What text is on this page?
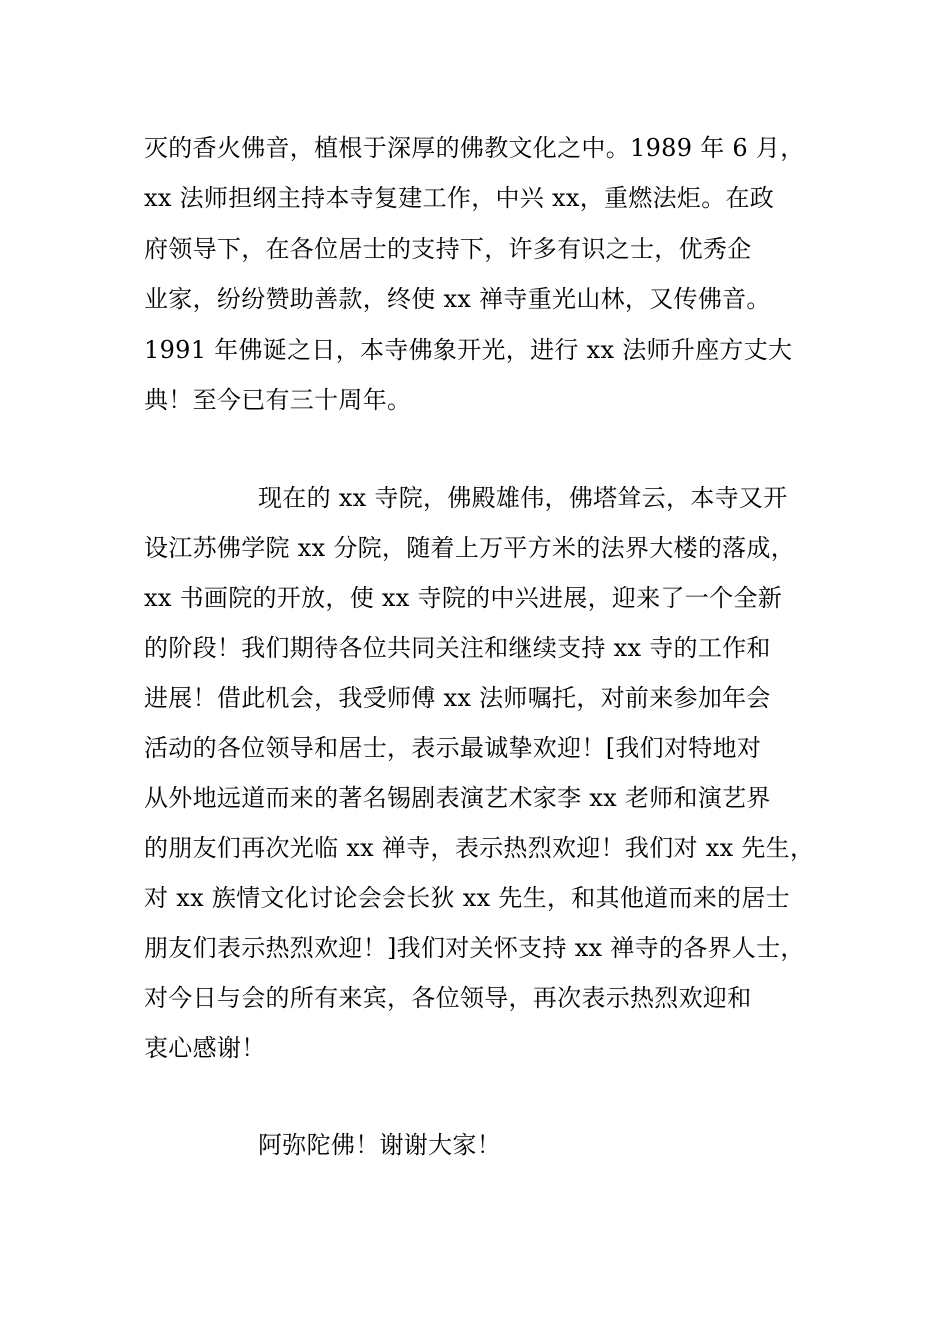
灭的香火佛音，植根于深厚的佛教文化之中。1989 年 6 月，
xx 法师担纲主持本寺复建工作，中兴 xx，重燃法炬。在政
府领导下，在各位居士的支持下，许多有识之士，优秀企
业家，纷纷赞助善款，终使 xx 禅寺重光山林，又传佛音。
1991 年佛诞之日，本寺佛象开光，进行 xx 法师升座方丈大
典！至今已有三十周年。
现在的 xx 寺院，佛殿雄伟，佛塔耸云，本寺又开
设江苏佛学院 xx 分院，随着上万平方米的法界大楼的落成，
xx 书画院的开放，使 xx 寺院的中兴进展，迎来了一个全新
的阶段！我们期待各位共同关注和继续支持 xx 寺的工作和
进展！借此机会，我受师傅 xx 法师嘱托，对前来参加年会
活动的各位领导和居士，表示最诚挚欢迎！[我们对特地对
从外地远道而来的著名锡剧表演艺术家李 xx 老师和演艺界
的朋友们再次光临 xx 禅寺，表示热烈欢迎！我们对 xx 先生，
对 xx 族情文化讨论会会长狄 xx 先生，和其他道而来的居士
朋友们表示热烈欢迎！]我们对关怀支持 xx 禅寺的各界人士，
对今日与会的所有来宾，各位领导，再次表示热烈欢迎和
衷心感谢！
阿弥陀佛！谢谢大家！
